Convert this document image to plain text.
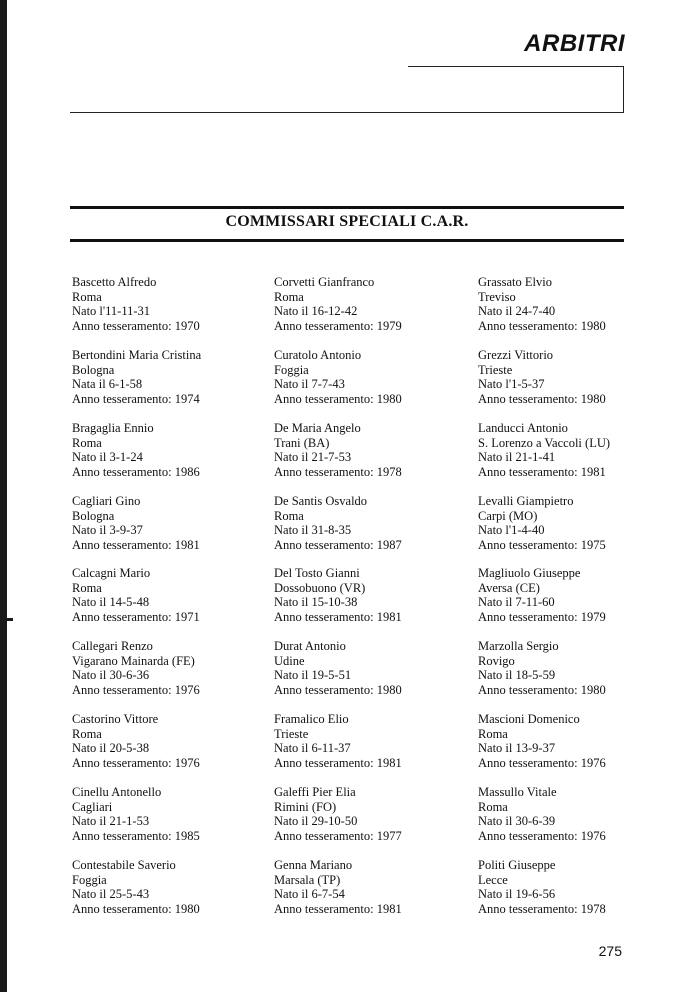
ARBITRI
COMMISSARI SPECIALI C.A.R.
Bascetto Alfredo
Roma
Nato l'11-11-31
Anno tesseramento: 1970
Bertondini Maria Cristina
Bologna
Nata il 6-1-58
Anno tesseramento: 1974
Bragaglia Ennio
Roma
Nato il 3-1-24
Anno tesseramento: 1986
Cagliari Gino
Bologna
Nato il 3-9-37
Anno tesseramento: 1981
Calcagni Mario
Roma
Nato il 14-5-48
Anno tesseramento: 1971
Callegari Renzo
Vigarano Mainarda (FE)
Nato il 30-6-36
Anno tesseramento: 1976
Castorino Vittore
Roma
Nato il 20-5-38
Anno tesseramento: 1976
Cinellu Antonello
Cagliari
Nato il 21-1-53
Anno tesseramento: 1985
Contestabile Saverio
Foggia
Nato il 25-5-43
Anno tesseramento: 1980
Corvetti Gianfranco
Roma
Nato il 16-12-42
Anno tesseramento: 1979
Curatolo Antonio
Foggia
Nato il 7-7-43
Anno tesseramento: 1980
De Maria Angelo
Trani (BA)
Nato il 21-7-53
Anno tesseramento: 1978
De Santis Osvaldo
Roma
Nato il 31-8-35
Anno tesseramento: 1987
Del Tosto Gianni
Dossobuono (VR)
Nato il 15-10-38
Anno tesseramento: 1981
Durat Antonio
Udine
Nato il 19-5-51
Anno tesseramento: 1980
Framalico Elio
Trieste
Nato il 6-11-37
Anno tesseramento: 1981
Galeffi Pier Elia
Rimini (FO)
Nato il 29-10-50
Anno tesseramento: 1977
Genna Mariano
Marsala (TP)
Nato il 6-7-54
Anno tesseramento: 1981
Grassato Elvio
Treviso
Nato il 24-7-40
Anno tesseramento: 1980
Grezzi Vittorio
Trieste
Nato l'1-5-37
Anno tesseramento: 1980
Landucci Antonio
S. Lorenzo a Vaccoli (LU)
Nato il 21-1-41
Anno tesseramento: 1981
Levalli Giampietro
Carpi (MO)
Nato l'1-4-40
Anno tesseramento: 1975
Magliuolo Giuseppe
Aversa (CE)
Nato il 7-11-60
Anno tesseramento: 1979
Marzolla Sergio
Rovigo
Nato il 18-5-59
Anno tesseramento: 1980
Mascioni Domenico
Roma
Nato il 13-9-37
Anno tesseramento: 1976
Massullo Vitale
Roma
Nato il 30-6-39
Anno tesseramento: 1976
Politi Giuseppe
Lecce
Nato il 19-6-56
Anno tesseramento: 1978
275
